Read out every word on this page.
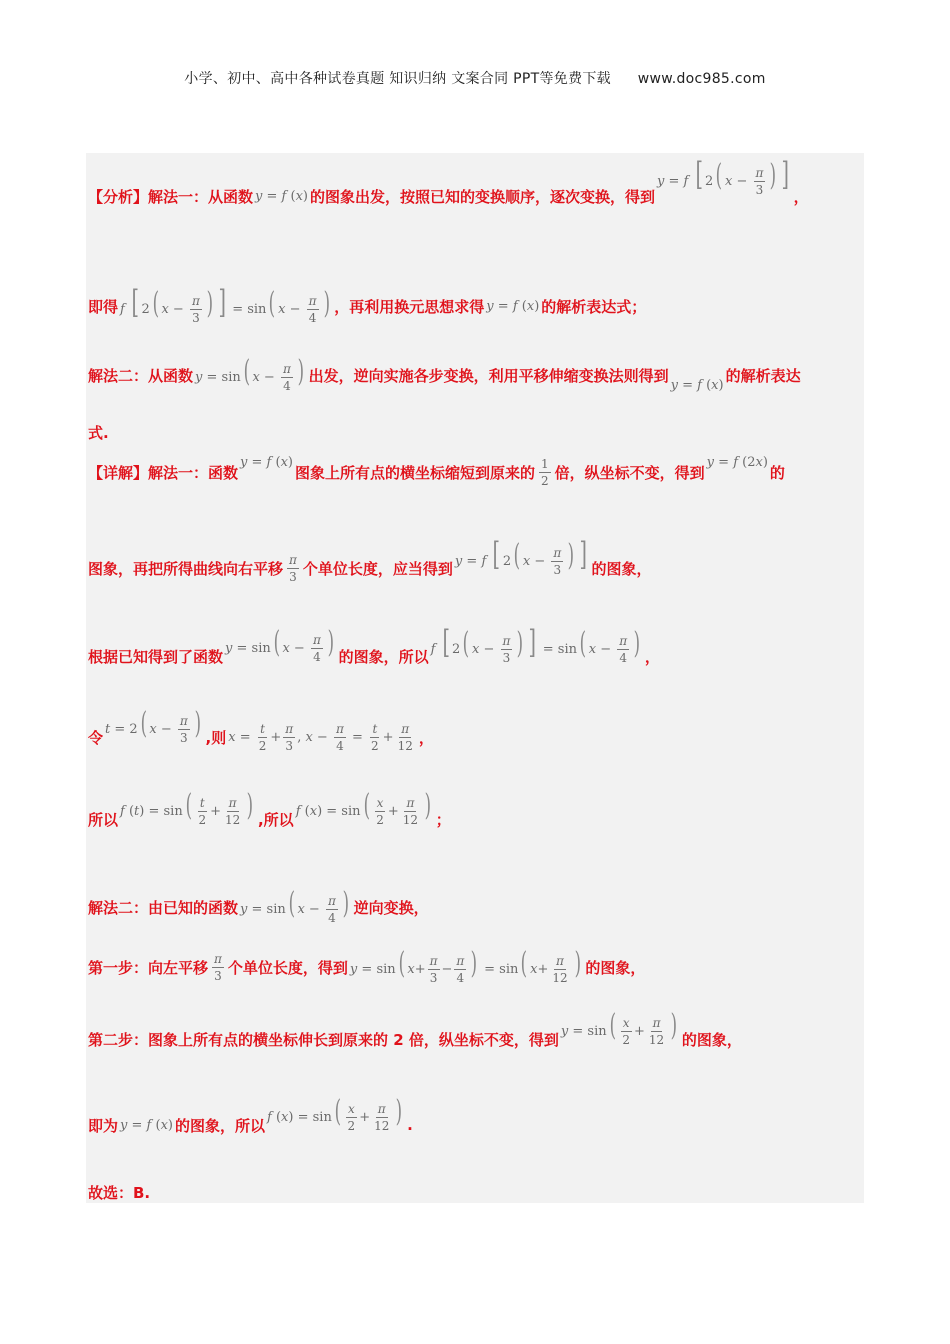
小学、初中、高中各种试卷真题 知识归纳 文案合同 PPT等免费下载 www.doc985.com
【分析】解法一：从函数 y = f (x) 的图象出发，按照已知的变换顺序，逐次变换，得到
y = f [ 2( $x - \frac{\pi}{3}$ ) ]
，
即得 f [ 2( $x - \frac{\pi}{3}$ ) ] = sin( $x - \frac{\pi}{4}$ ) ，再利用换元思想求得 y = f (x) 的解析表达式；
解法二：从函数 y = sin( $x - \frac{\pi}{4}$ ) 出发，逆向实施各步变换，利用平移伸缩变换法则得到
y = f (x)
的解析表达
式.
【详解】解法一：函数
y = f (x)
图象上所有点的横坐标缩短到原来的 $\frac{1}{2}$ 倍，纵坐标不变，得到
y = f (2x)
的
图象，再把所得曲线向右平移 $\frac{\pi}{3}$ 个单位长度，应当得到 y = f [ 2( $x - \frac{\pi}{3}$ ) ] 的图象，
根据已知得到了函数 y = sin( $x - \frac{\pi}{4}$ ) 的图象，所以 f [ 2( $x - \frac{\pi}{3}$ ) ] = sin( $x - \frac{\pi}{4}$ ) ，
令 t = 2( $x - \frac{\pi}{3}$ ) ,则 $x = \frac{t}{2} + \frac{\pi}{3}$ , $x - \frac{\pi}{4} = \frac{t}{2} + \frac{\pi}{12}$ ，
所以 f $(t) = \sin( \frac{t}{2} + \frac{\pi}{12}$ ) ,所以 f $(x) = \sin( \frac{x}{2} + \frac{\pi}{12}$ ) ；
解法二：由已知的函数 y = sin( $x - \frac{\pi}{4}$ ) 逆向变换，
第一步：向左平移 $\frac{\pi}{3}$ 个单位长度，得到 y = sin( $x+ \frac{\pi}{3} - \frac{\pi}{4}$ ) = sin( $x+ \frac{\pi}{12}$ ) 的图象，
第二步：图象上所有点的横坐标伸长到原来的 2 倍，纵坐标不变，得到 $y = \sin( \frac{x}{2} + \frac{\pi}{12}$ ) 的图象，
即为 y = f (x) 的图象，所以 f $(x) = \sin( \frac{x}{2} + \frac{\pi}{12}$ ) .
故选：B.
